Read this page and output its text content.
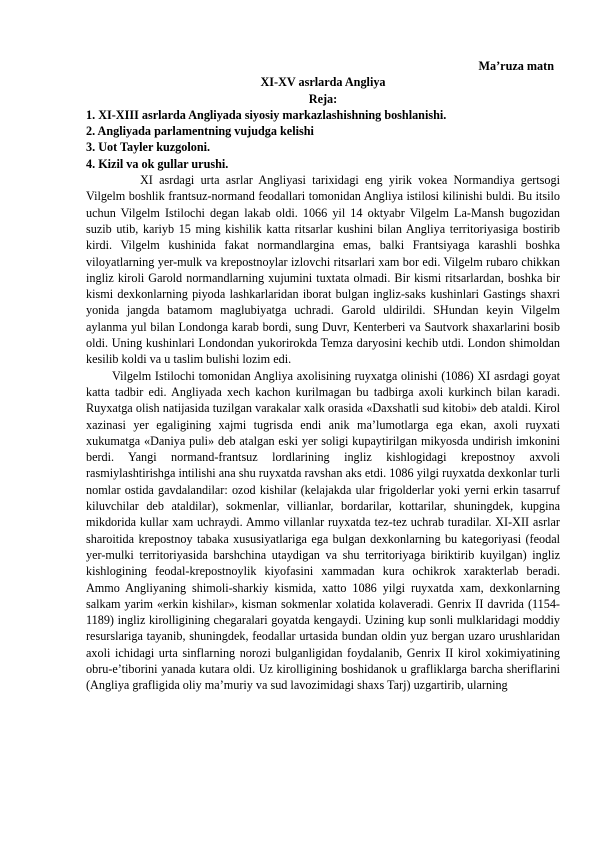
Ma’ruza matn
XI-XV asrlarda Angliya
Reja:
1. XI-XIII asrlarda Angliyada siyosiy markazlashishning boshlanishi.
2. Angliyada parlamentning vujudga kelishi
3. Uot Tayler kuzgoloni.
4. Kizil va ok gullar urushi.

XI asrdagi urta asrlar Angliyasi tarixidagi eng yirik vokea Normandiya gertsogi Vilgelm boshlik frantsuz-normand feodallari tomonidan Angliya istilosi kilinishi buldi. Bu itsilo uchun Vilgelm Istilochi degan lakab oldi. 1066 yil 14 oktyabr Vilgelm La-Mansh bugozidan suzib utib, kariyb 15 ming kishilik katta ritsarlar kushini bilan Angliya territoriyasiga bostirib kirdi. Vilgelm kushinida fakat normandlargina emas, balki Frantsiyaga karashli boshka viloyatlarning yer-mulk va krepostnoylar izlovchi ritsarlari xam bor edi. Vilgelm rubaro chikkan ingliz kiroli Garold normandlarning xujumini tuxtata olmadi. Bir kismi ritsarlardan, boshka bir kismi dexkonlarning piyoda lashkarlaridan iborat bulgan ingliz-saks kushinlari Gastings shaxri yonida jangda batamom maglubiyatga uchradi. Garold uldirildi. SHundan keyin Vilgelm aylanma yul bilan Londonga karab bordi, sung Duvr, Kenterberi va Sautvork shaxarlarini bosib oldi. Uning kushinlari Londondan yukorirokda Temza daryosini kechib utdi. London shimoldan kesilib koldi va u taslim bulishi lozim edi.

Vilgelm Istilochi tomonidan Angliya axolisining ruyxatga olinishi (1086) XI asrdagi goyat katta tadbir edi. Angliyada xech kachon kurilmagan bu tadbirga axoli kurkinch bilan karadi. Ruyxatga olish natijasida tuzilgan varakalar xalk orasida «Daxshatli sud kitobi» deb ataldi. Kirol xazinasi yer egaligining xajmi tugrisda endi anik ma’lumotlarga ega ekan, axoli ruyxati xukumatga «Daniya puli» deb atalgan eski yer soligi kupaytirilgan mikyosda undirish imkonini berdi. Yangi normand-frantsuz lordlarining ingliz kishlogidagi krepostnoy axvoli rasmiylashtirishga intilishi ana shu ruyxatda ravshan aks etdi. 1086 yilgi ruyxatda dexkonlar turli nomlar ostida gavdalandilar: ozod kishilar (kelajakda ular frigolderlar yoki yerni erkin tasarruf kiluvchilar deb ataldilar), sokmenlar, villianlar, bordarilar, kottarilar, shuningdek, kupgina mikdorida kullar xam uchraydi. Ammo villanlar ruyxatda tez-tez uchrab turadilar. XI-XII asrlar sharoitida krepostnoy tabaka xususiyatlariga ega bulgan dexkonlarning bu kategoriyasi (feodal yer-mulki territoriyasida barshchina utaydigan va shu territoriyaga biriktirib kuyilgan) ingliz kishlogining feodal-krepostnoylik kiyofasini xammadan kura ochikrok xarakterlab beradi. Ammo Angliyaning shimoli-sharkiy kismida, xatto 1086 yilgi ruyxatda xam, dexkonlarning salkam yarim «erkin kishilar», kisman sokmenlar xolatida kolaveradi. Genrix II davrida (1154-1189) ingliz kirolligining chegaralari goyatda kengaydi. Uzining kup sonli mulklaridagi moddiy resurslariga tayanib, shuningdek, feodallar urtasida bundan oldin yuz bergan uzaro urushlaridan axoli ichidagi urta sinflarning norozi bulganligidan foydalanib, Genrix II kirol xokimiyatining obru-e’tiborini yanada kutara oldi. Uz kirolligining boshidanok u grafliklarga barcha sheriflarini (Angliya grafligida oliy ma’muriy va sud lavozimidagi shaxs Tarj) uzgartirib, ularning
